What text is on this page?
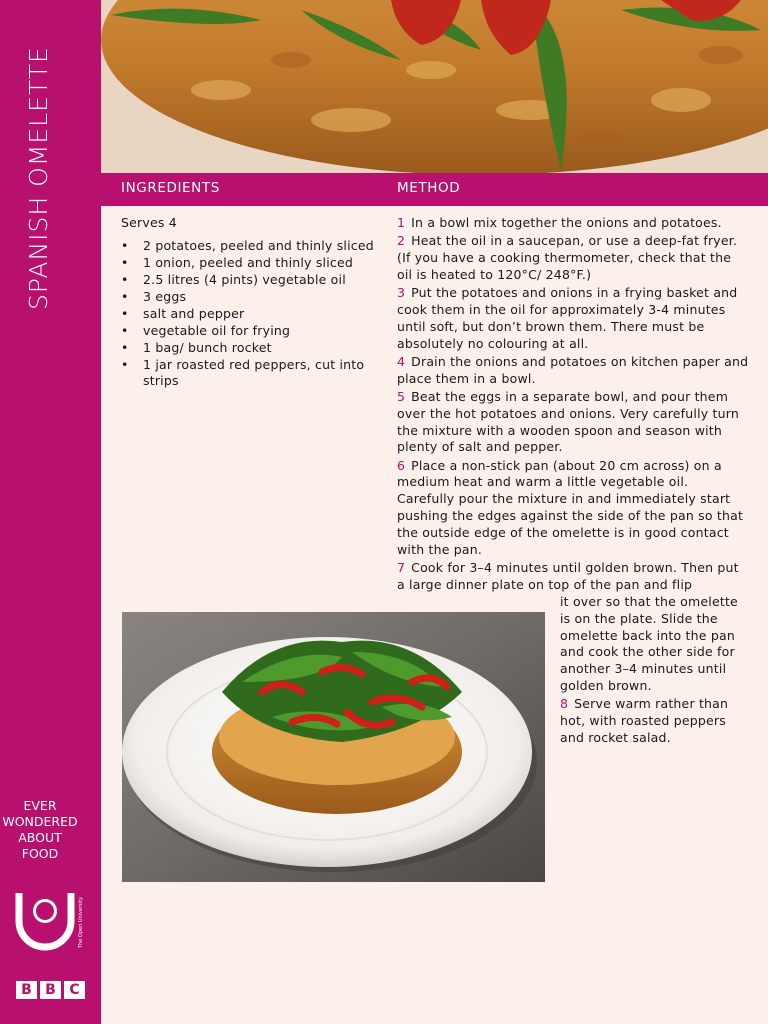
SPANISH OMELETTE
EVER
WONDERED
ABOUT
FOOD
The Open University
B B C
INGREDIENTS	METHOD
Serves 4
• 2 potatoes, peeled and thinly sliced
• 1 onion, peeled and thinly sliced
• 2.5 litres (4 pints) vegetable oil
• 3 eggs
• salt and pepper
• vegetable oil for frying
• 1 bag/ bunch rocket
• 1 jar roasted red peppers, cut into strips
1 In a bowl mix together the onions and potatoes.
2 Heat the oil in a saucepan, or use a deep-fat fryer. (If you have a cooking thermometer, check that the oil is heated to 120°C/ 248°F.)
3 Put the potatoes and onions in a frying basket and cook them in the oil for approximately 3-4 minutes until soft, but don’t brown them. There must be absolutely no colouring at all.
4 Drain the onions and potatoes on kitchen paper and place them in a bowl.
5 Beat the eggs in a separate bowl, and pour them over the hot potatoes and onions. Very carefully turn the mixture with a wooden spoon and season with plenty of salt and pepper.
6 Place a non-stick pan (about 20 cm across) on a medium heat and warm a little vegetable oil. Carefully pour the mixture in and immediately start pushing the edges against the side of the pan so that the outside edge of the omelette is in good contact with the pan.
7 Cook for 3–4 minutes until golden brown. Then put a large dinner plate on top of the pan and flip
it over so that the omelette is on the plate. Slide the omelette back into the pan and cook the other side for another 3–4 minutes until golden brown.
8 Serve warm rather than hot, with roasted peppers and rocket salad.
